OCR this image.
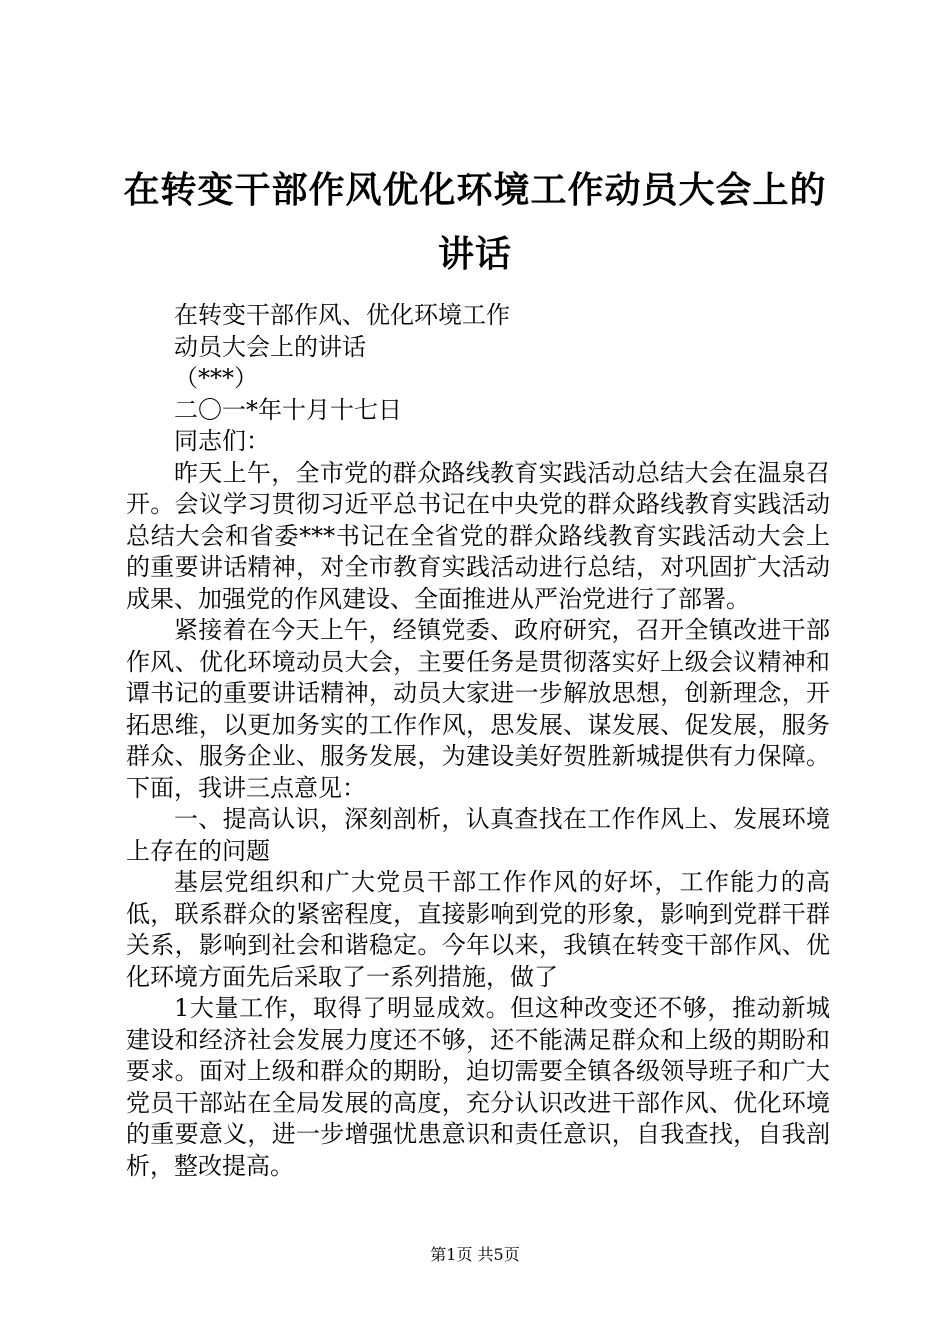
在转变干部作风优化环境工作动员大会上的讲话

在转变干部作风、优化环境工作

动员大会上的讲话

（***）

二〇一*年十月十七日

同志们：

昨天上午，全市党的群众路线教育实践活动总结大会在温泉召开。会议学习贯彻习近平总书记在中央党的群众路线教育实践活动总结大会和省委***书记在全省党的群众路线教育实践活动大会上的重要讲话精神，对全市教育实践活动进行总结，对巩固扩大活动成果、加强党的作风建设、全面推进从严治党进行了部署。

紧接着在今天上午，经镇党委、政府研究，召开全镇改进干部作风、优化环境动员大会，主要任务是贯彻落实好上级会议精神和谭书记的重要讲话精神，动员大家进一步解放思想，创新理念，开拓思维，以更加务实的工作作风，思发展、谋发展、促发展，服务群众、服务企业、服务发展，为建设美好贺胜新城提供有力保障。下面，我讲三点意见：

一、提高认识，深刻剖析，认真查找在工作作风上、发展环境上存在的问题

基层党组织和广大党员干部工作作风的好坏，工作能力的高低，联系群众的紧密程度，直接影响到党的形象，影响到党群干群关系，影响到社会和谐稳定。今年以来，我镇在转变干部作风、优化环境方面先后采取了一系列措施，做了

1大量工作，取得了明显成效。但这种改变还不够，推动新城建设和经济社会发展力度还不够，还不能满足群众和上级的期盼和要求。面对上级和群众的期盼，迫切需要全镇各级领导班子和广大党员干部站在全局发展的高度，充分认识改进干部作风、优化环境的重要意义，进一步增强忧患意识和责任意识，自我查找，自我剖析，整改提高。

第1页 共5页
